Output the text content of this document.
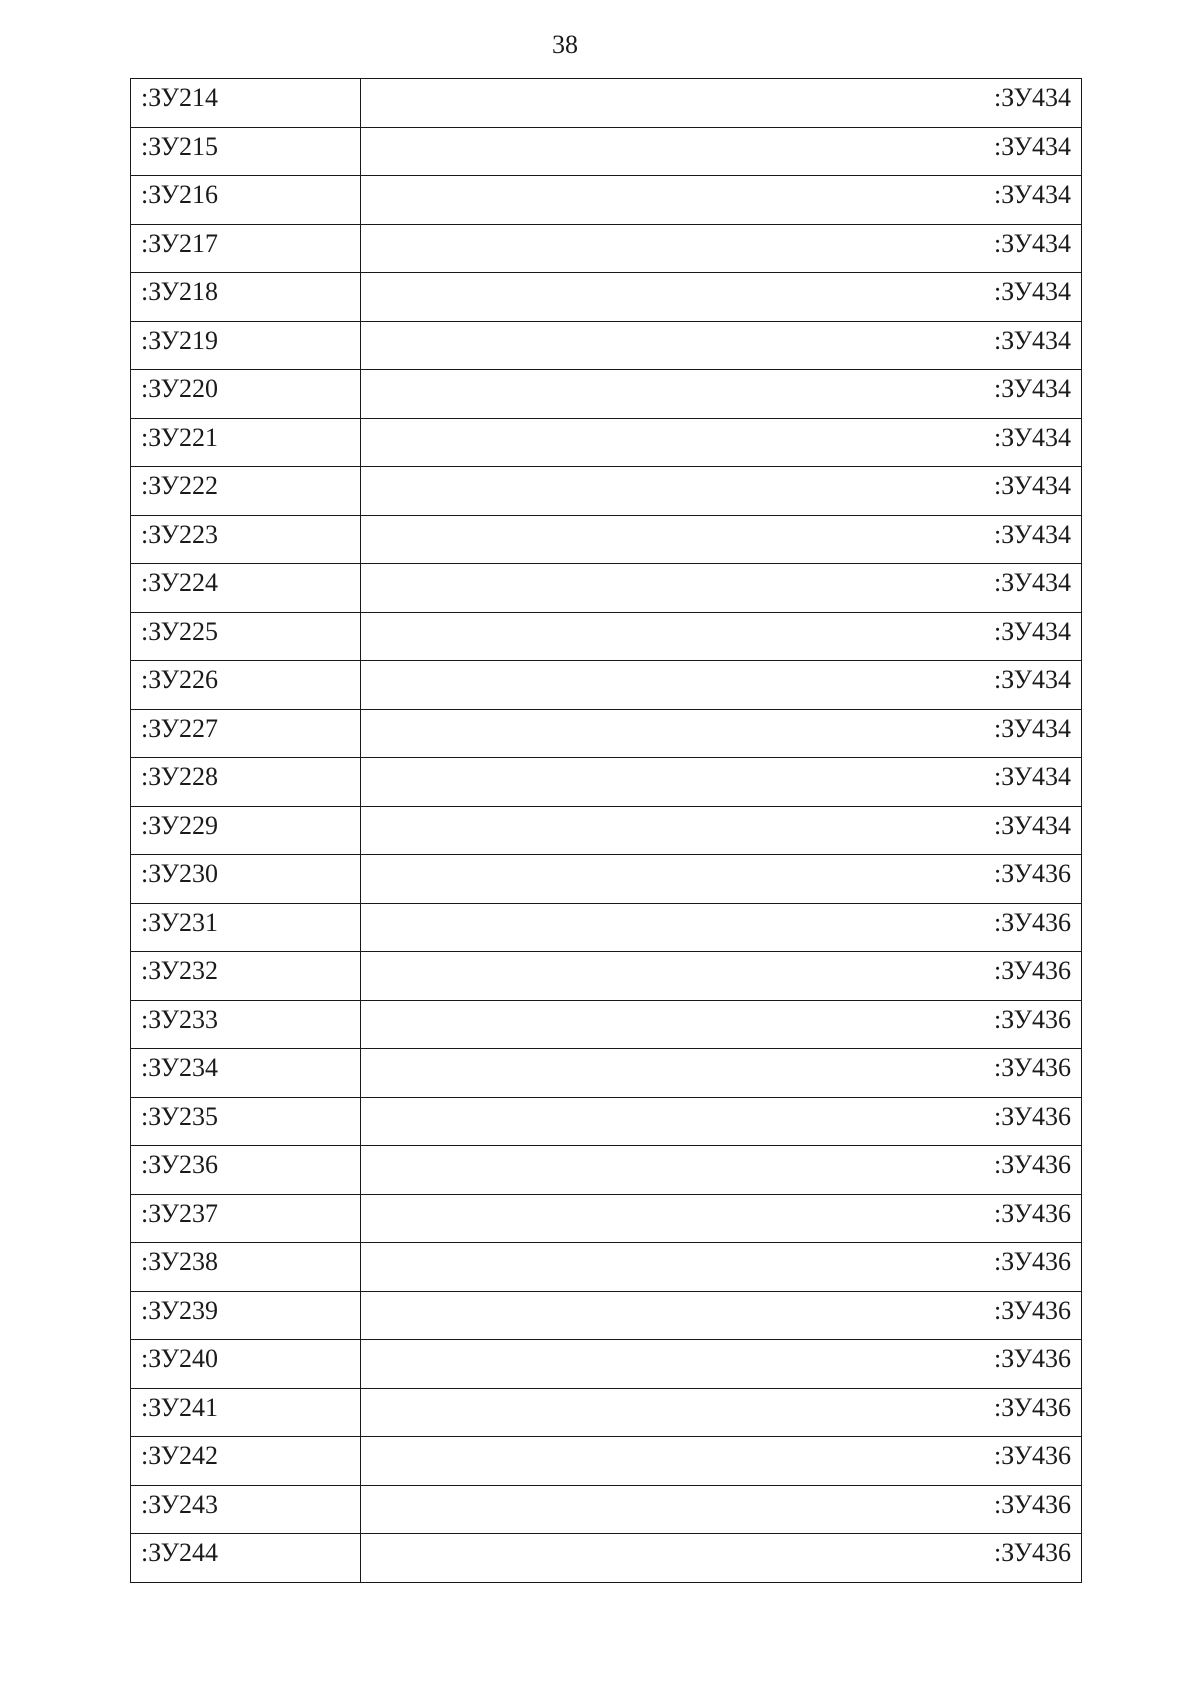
38
:ЗУ214	:ЗУ434
:ЗУ215	:ЗУ434
:ЗУ216	:ЗУ434
:ЗУ217	:ЗУ434
:ЗУ218	:ЗУ434
:ЗУ219	:ЗУ434
:ЗУ220	:ЗУ434
:ЗУ221	:ЗУ434
:ЗУ222	:ЗУ434
:ЗУ223	:ЗУ434
:ЗУ224	:ЗУ434
:ЗУ225	:ЗУ434
:ЗУ226	:ЗУ434
:ЗУ227	:ЗУ434
:ЗУ228	:ЗУ434
:ЗУ229	:ЗУ434
:ЗУ230	:ЗУ436
:ЗУ231	:ЗУ436
:ЗУ232	:ЗУ436
:ЗУ233	:ЗУ436
:ЗУ234	:ЗУ436
:ЗУ235	:ЗУ436
:ЗУ236	:ЗУ436
:ЗУ237	:ЗУ436
:ЗУ238	:ЗУ436
:ЗУ239	:ЗУ436
:ЗУ240	:ЗУ436
:ЗУ241	:ЗУ436
:ЗУ242	:ЗУ436
:ЗУ243	:ЗУ436
:ЗУ244	:ЗУ436
